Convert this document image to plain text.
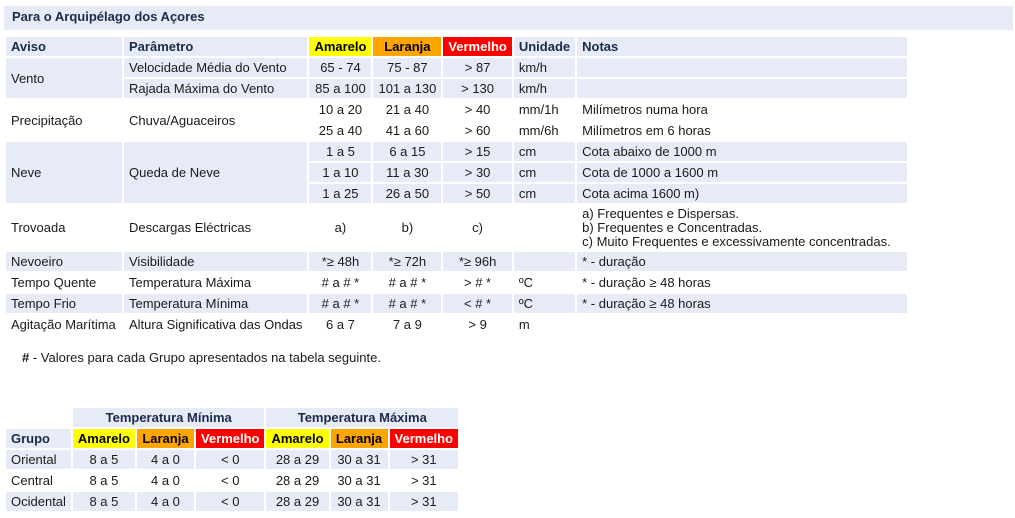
Para o Arquipélago dos Açores
Aviso	Parâmetro	Amarelo	Laranja	Vermelho	Unidade	Notas
Vento	Velocidade Média do Vento	65 - 74	75 - 87	> 87	km/h	
	Rajada Máxima do Vento	85 a 100	101 a 130	> 130	km/h	
Precipitação	Chuva/Aguaceiros	10 a 20	21 a 40	> 40	mm/1h	Milímetros numa hora
		25 a 40	41 a 60	> 60	mm/6h	Milímetros em 6 horas
Neve	Queda de Neve	1 a 5	6 a 15	> 15	cm	Cota abaixo de 1000 m
		1 a 10	11 a 30	> 30	cm	Cota de 1000 a 1600 m
		1 a 25	26 a 50	> 50	cm	Cota acima 1600 m)
Trovoada	Descargas Eléctricas	a)	b)	c)		a) Frequentes e Dispersas.
b) Frequentes e Concentradas.
c) Muito Frequentes e excessivamente concentradas.

Nevoeiro	Visibilidade	*≥ 48h	*≥ 72h	*≥ 96h		* - duração
Tempo Quente	Temperatura Máxima	# a # *	# a # *	> # *	ºC	* - duração ≥ 48 horas
Tempo Frio	Temperatura Mínima	# a # *	# a # *	< # *	ºC	* - duração ≥ 48 horas
Agitação Marítima	Altura Significativa das Ondas	6 a 7	7 a 9	> 9	m	
# - Valores para cada Grupo apresentados na tabela seguinte.
	Temperatura Mínima			Temperatura Máxima		
Grupo	Amarelo	Laranja	Vermelho	Amarelo	Laranja	Vermelho
Oriental	8 a 5	4 a 0	< 0	28 a 29	30 a 31	> 31
Central	8 a 5	4 a 0	< 0	28 a 29	30 a 31	> 31
Ocidental	8 a 5	4 a 0	< 0	28 a 29	30 a 31	> 31
